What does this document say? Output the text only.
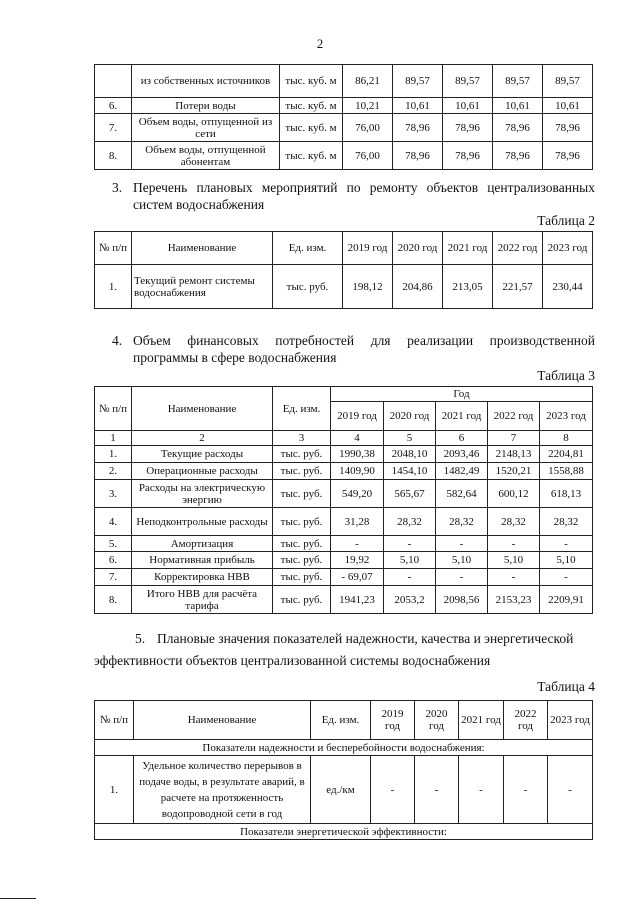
2
	из собственных источников	тыс. куб. м	86,21	89,57	89,57	89,57	89,57
6.	Потери воды	тыс. куб. м	10,21	10,61	10,61	10,61	10,61
7.	Объем воды, отпущенной из сети	тыс. куб. м	76,00	78,96	78,96	78,96	78,96
8.	Объем воды, отпущенной абонентам	тыс. куб. м	76,00	78,96	78,96	78,96	78,96
3. Перечень плановых мероприятий по ремонту объектов централизованных систем водоснабжения
Таблица 2
№ п/п	Наименование	Ед. изм.	2019 год	2020 год	2021 год	2022 год	2023 год
1.	Текущий ремонт системы водоснабжения	тыс. руб.	198,12	204,86	213,05	221,57	230,44
4. Объем финансовых потребностей для реализации производственной программы в сфере водоснабжения
Таблица 3
№ п/п	Наименование	Ед. изм.	Год				
			2019 год	2020 год	2021 год	2022 год	2023 год
1	2	3	4	5	6	7	8
1.	Текущие расходы	тыс. руб.	1990,38	2048,10	2093,46	2148,13	2204,81
2.	Операционные расходы	тыс. руб.	1409,90	1454,10	1482,49	1520,21	1558,88
3.	Расходы на электрическую энергию	тыс. руб.	549,20	565,67	582,64	600,12	618,13
4.	Неподконтрольные расходы	тыс. руб.	31,28	28,32	28,32	28,32	28,32
5.	Амортизация	тыс. руб.	-	-	-	-	-
6.	Нормативная прибыль	тыс. руб.	19,92	5,10	5,10	5,10	5,10
7.	Корректировка НВВ	тыс. руб.	- 69,07	-	-	-	-
8.	Итого НВВ для расчёта тарифа	тыс. руб.	1941,23	2053,2	2098,56	2153,23	2209,91
5. Плановые значения показателей надежности, качества и энергетической
эффективности объектов централизованной системы водоснабжения
Таблица 4
№ п/п	Наименование	Ед. изм.	2019 год	2020 год	2021 год	2022 год	2023 год
Показатели надежности и бесперебойности водоснабжения:							
1.	Удельное количество перерывов в подаче воды, в результате аварий, в расчете на протяженность водопроводной сети в год	ед./км	-	-	-	-	-
Показатели энергетической эффективности:							
